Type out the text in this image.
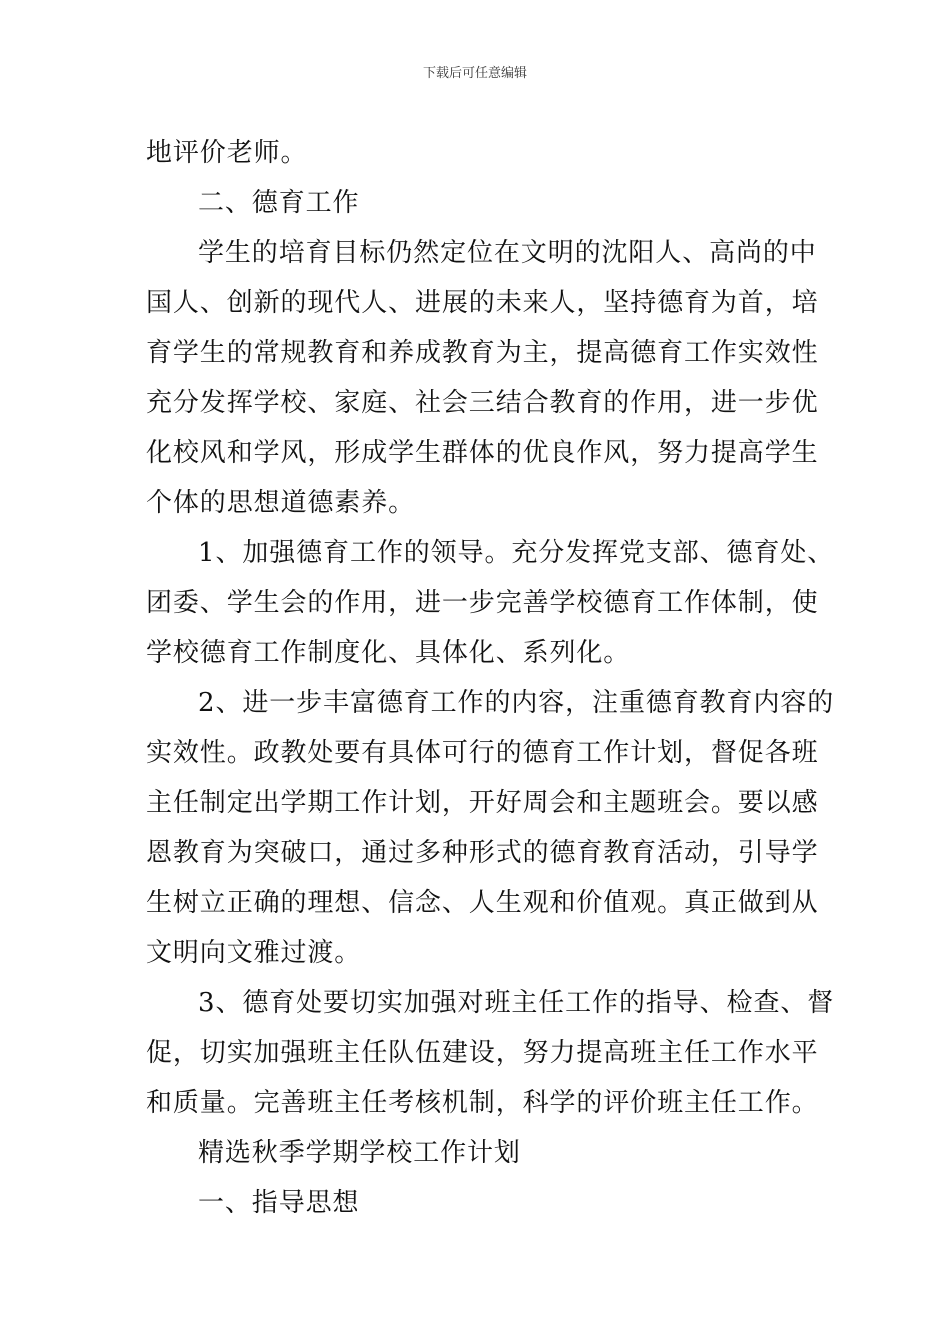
下载后可任意编辑

地评价老师。

二、德育工作

学生的培育目标仍然定位在文明的沈阳人、高尚的中

国人、创新的现代人、进展的未来人，坚持德育为首，培

育学生的常规教育和养成教育为主，提高德育工作实效性

充分发挥学校、家庭、社会三结合教育的作用，进一步优

化校风和学风，形成学生群体的优良作风，努力提高学生

个体的思想道德素养。

1、加强德育工作的领导。充分发挥党支部、德育处、

团委、学生会的作用，进一步完善学校德育工作体制，使

学校德育工作制度化、具体化、系列化。

2、进一步丰富德育工作的内容，注重德育教育内容的

实效性。政教处要有具体可行的德育工作计划，督促各班

主任制定出学期工作计划，开好周会和主题班会。要以感

恩教育为突破口，通过多种形式的德育教育活动，引导学

生树立正确的理想、信念、人生观和价值观。真正做到从

文明向文雅过渡。

3、德育处要切实加强对班主任工作的指导、检查、督

促，切实加强班主任队伍建设，努力提高班主任工作水平

和质量。完善班主任考核机制，科学的评价班主任工作。

精选秋季学期学校工作计划

一、指导思想
